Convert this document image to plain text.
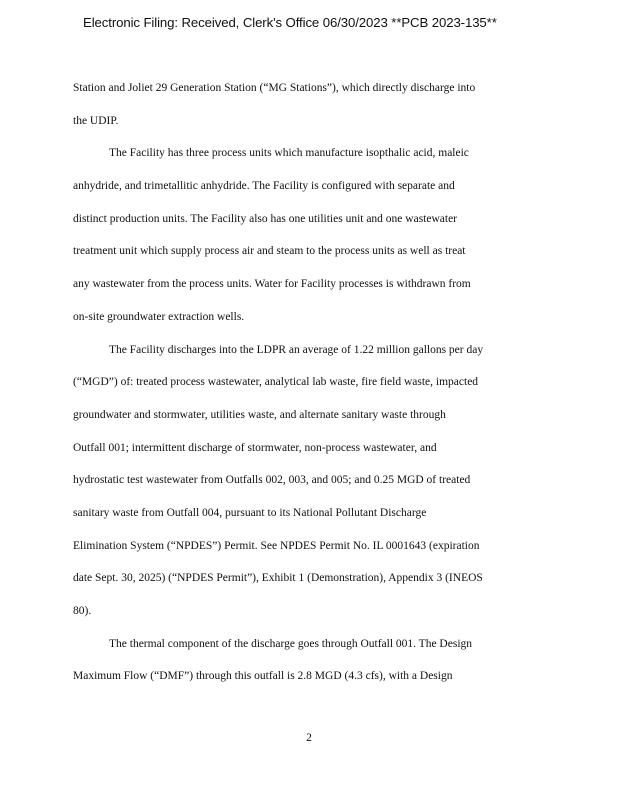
Electronic Filing: Received, Clerk's Office 06/30/2023 **PCB 2023-135**
Station and Joliet 29 Generation Station (“MG Stations”), which directly discharge into
the UDIP.
The Facility has three process units which manufacture isopthalic acid, maleic
anhydride, and trimetallitic anhydride. The Facility is configured with separate and
distinct production units. The Facility also has one utilities unit and one wastewater
treatment unit which supply process air and steam to the process units as well as treat
any wastewater from the process units. Water for Facility processes is withdrawn from
on-site groundwater extraction wells.
The Facility discharges into the LDPR an average of 1.22 million gallons per day
(“MGD”) of: treated process wastewater, analytical lab waste, fire field waste, impacted
groundwater and stormwater, utilities waste, and alternate sanitary waste through
Outfall 001; intermittent discharge of stormwater, non-process wastewater, and
hydrostatic test wastewater from Outfalls 002, 003, and 005; and 0.25 MGD of treated
sanitary waste from Outfall 004, pursuant to its National Pollutant Discharge
Elimination System (“NPDES”) Permit. See NPDES Permit No. IL 0001643 (expiration
date Sept. 30, 2025) (“NPDES Permit”), Exhibit 1 (Demonstration), Appendix 3 (INEOS
80).
The thermal component of the discharge goes through Outfall 001. The Design
Maximum Flow (“DMF”) through this outfall is 2.8 MGD (4.3 cfs), with a Design
2
